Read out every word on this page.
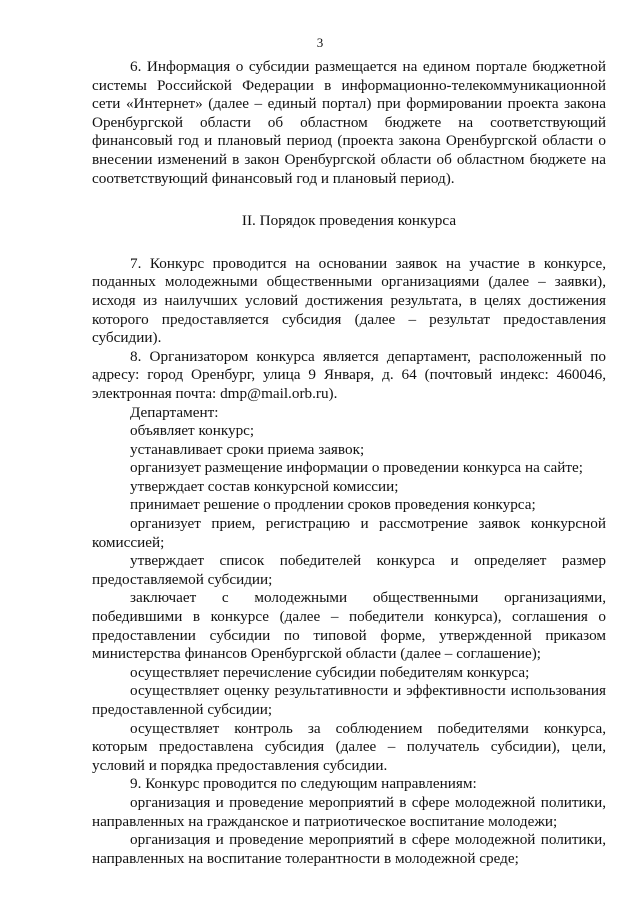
3

6. Информация о субсидии размещается на едином портале бюджетной системы Российской Федерации в информационно-телекоммуникационной сети «Интернет» (далее – единый портал) при формировании проекта закона Оренбургской области об областном бюджете на соответствующий финансовый год и плановый период (проекта закона Оренбургской области о внесении изменений в закон Оренбургской области об областном бюджете на соответствующий финансовый год и плановый период).

II. Порядок проведения конкурса

7. Конкурс проводится на основании заявок на участие в конкурсе, поданных молодежными общественными организациями (далее – заявки), исходя из наилучших условий достижения результата, в целях достижения которого предоставляется субсидия (далее – результат предоставления субсидии).

8. Организатором конкурса является департамент, расположенный по адресу: город Оренбург, улица 9 Января, д. 64 (почтовый индекс: 460046, электронная почта: dmp@mail.orb.ru).

Департамент:

объявляет конкурс;

устанавливает сроки приема заявок;

организует размещение информации о проведении конкурса на сайте;

утверждает состав конкурсной комиссии;

принимает решение о продлении сроков проведения конкурса;

организует прием, регистрацию и рассмотрение заявок конкурсной комиссией;

утверждает список победителей конкурса и определяет размер предоставляемой субсидии;

заключает с молодежными общественными организациями, победившими в конкурсе (далее – победители конкурса), соглашения о предоставлении субсидии по типовой форме, утвержденной приказом министерства финансов Оренбургской области (далее – соглашение);

осуществляет перечисление субсидии победителям конкурса;

осуществляет оценку результативности и эффективности использования предоставленной субсидии;

осуществляет контроль за соблюдением победителями конкурса, которым предоставлена субсидия (далее – получатель субсидии), цели, условий и порядка предоставления субсидии.

9. Конкурс проводится по следующим направлениям:

организация и проведение мероприятий в сфере молодежной политики, направленных на гражданское и патриотическое воспитание молодежи;

организация и проведение мероприятий в сфере молодежной политики, направленных на воспитание толерантности в молодежной среде;
